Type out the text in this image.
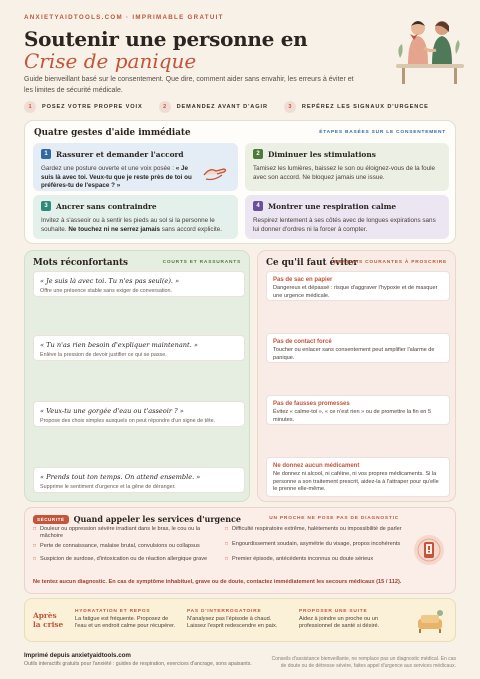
ANXIETYAIDTOOLS.COM · IMPRIMABLE GRATUIT
Soutenir une personne en
Crise de panique
Guide bienveillant basé sur le consentement. Que dire, comment aider sans envahir, les erreurs à éviter et les limites de sécurité médicale.
1	POSEZ VOTRE PROPRE VOIX	2	DEMANDEZ AVANT D'AGIR	3	REPÉREZ LES SIGNAUX D'URGENCE
Quatre gestes d'aide immédiate	ÉTAPES BASÉES SUR LE CONSENTEMENT
1	Rassurer et demander l'accord
Gardez une posture ouverte et une voix posée : « Je suis là avec toi. Veux-tu que je reste près de toi ou préfères-tu de l'espace ? »
2	Diminuer les stimulations
Tamisez les lumières, baissez le son ou éloignez-vous de la foule avec son accord. Ne bloquez jamais une issue.
3	Ancrer sans contraindre
Invitez à s'asseoir ou à sentir les pieds au sol si la personne le souhaite. Ne touchez ni ne serrez jamais sans accord explicite.
4	Montrer une respiration calme
Respirez lentement à ses côtés avec de longues expirations sans lui donner d'ordres ni la forcer à compter.
Mots réconfortants	COURTS ET RASSURANTS
« Je suis là avec toi. Tu n'es pas seul(e). »
Offre une présence stable sans exiger de conversation.
« Tu n'as rien besoin d'expliquer maintenant. »
Enlève la pression de devoir justifier ce qui se passe.
« Veux-tu une gorgée d'eau ou t'asseoir ? »
Propose des choix simples auxquels on peut répondre d'un signe de tête.
« Prends tout ton temps. On attend ensemble. »
Supprime le sentiment d'urgence et la gêne de déranger.
Ce qu'il faut éviter
ERREURS COURANTES À PROSCRIRE
Pas de sac en papier
Dangereux et dépassé : risque d'aggraver l'hypoxie et de masquer une urgence médicale.
Pas de contact forcé
Toucher ou enlacer sans consentement peut amplifier l'alarme de panique.
Pas de fausses promesses
Évitez « calme-toi », « ce n'est rien » ou de promettre la fin en 5 minutes.
Ne donnez aucun médicament
Ne donnez ni alcool, ni caféine, ni vos propres médicaments. Si la personne a son traitement prescrit, aidez-la à l'attraper pour qu'elle le prenne elle-même.
SÉCURITÉ	Quand appeler les services d'urgence	UN PROCHE NE POSE PAS DE DIAGNOSTIC
□ Douleur ou oppression sévère irradiant dans le bras, le cou ou la mâchoire
□ Perte de connaissance, malaise brutal, convulsions ou collapsus
□ Suspicion de surdose, d'intoxication ou de réaction allergique grave
□ Difficulté respiratoire extrême, halètements ou impossibilité de parler
□ Engourdissement soudain, asymétrie du visage, propos incohérents
□ Premier épisode, antécédents inconnus ou doute sérieux
Ne tentez aucun diagnostic. En cas de symptôme inhabituel, grave ou de doute, contactez immédiatement les secours médicaux (15 / 112).
Après la crise
HYDRATATION ET REPOS
La fatigue est fréquente. Proposez de l'eau et un endroit calme pour récupérer.
PAS D'INTERROGATOIRE
N'analysez pas l'épisode à chaud. Laissez l'esprit redescendre en paix.
PROPOSER UNE SUITE
Aidez à joindre un proche ou un professionnel de santé si désiré.
Imprimé depuis anxietyaidtools.com
Outils interactifs gratuits pour l'anxiété : guides de respiration, exercices d'ancrage, sons apaisants.
Conseils d'assistance bienveillante, ne remplace pas un diagnostic médical. En cas de doute ou de détresse sévère, faites appel d'urgence aux services médicaux.
